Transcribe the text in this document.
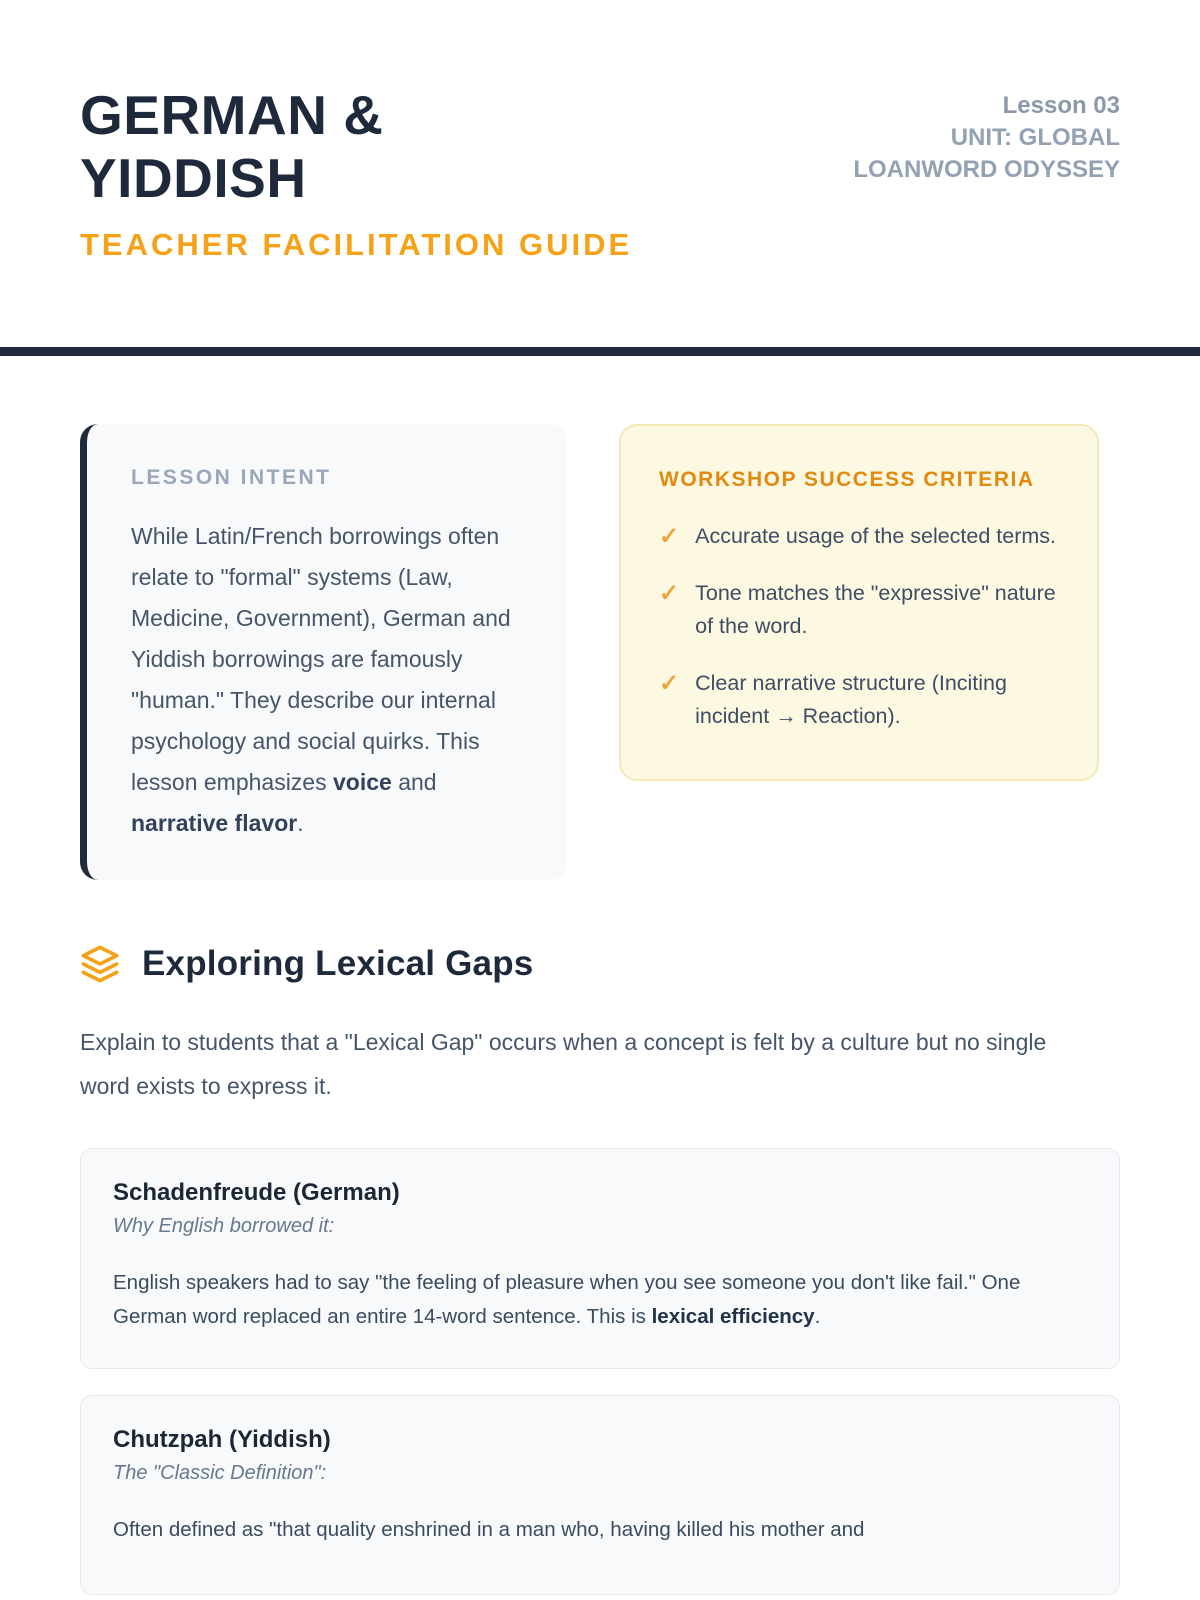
GERMAN & YIDDISH
TEACHER FACILITATION GUIDE
Lesson 03
UNIT: GLOBAL LOANWORD ODYSSEY
LESSON INTENT
While Latin/French borrowings often relate to "formal" systems (Law, Medicine, Government), German and Yiddish borrowings are famously "human." They describe our internal psychology and social quirks. This lesson emphasizes voice and narrative flavor.
WORKSHOP SUCCESS CRITERIA
✓ Accurate usage of the selected terms.
✓ Tone matches the "expressive" nature of the word.
✓ Clear narrative structure (Inciting incident → Reaction).
Exploring Lexical Gaps

Explain to students that a "Lexical Gap" occurs when a concept is felt by a culture but no single word exists to express it.

Schadenfreude (German)
Why English borrowed it:
English speakers had to say "the feeling of pleasure when you see someone you don't like fail." One German word replaced an entire 14-word sentence. This is lexical efficiency.
Chutzpah (Yiddish)
The "Classic Definition":
Often defined as "that quality enshrined in a man who, having killed his mother and
